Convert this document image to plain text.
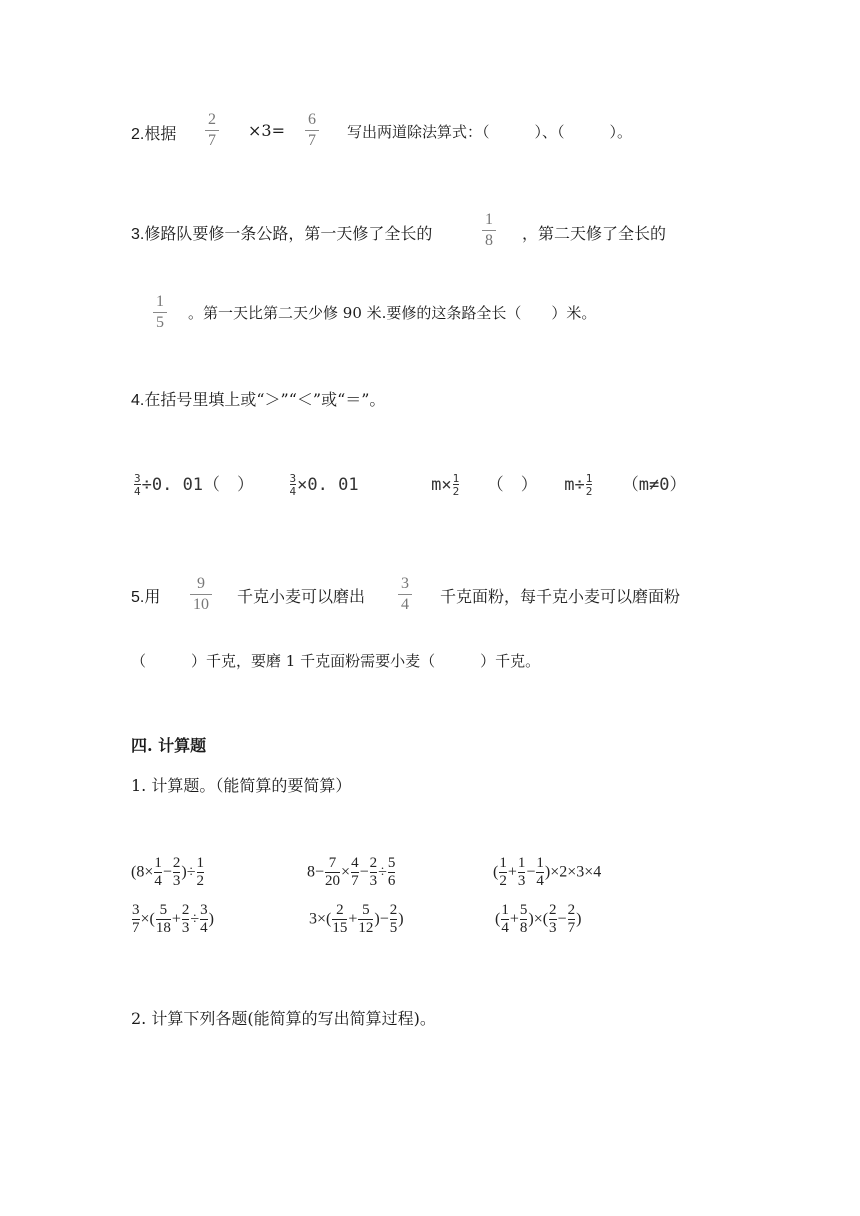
2.根据 $\frac{2}{7} \times 3= \frac{6}{7}$ 写出两道除法算式：（　　　）、（　　　）。
3.修路队要修一条公路，第一天修了全长的	$\frac{1}{8}$ ，第二天修了全长的
$\frac{1}{5}$ 。第一天比第二天少修 90 米.要修的这条路全长（　　）米。
4.在括号里填上或“＞”“＜”或“＝”。
$\frac{3}{4} \div 0$. 01（　）	$\frac{3}{4} \times 0$. 01	$m\times \frac{1}{2}$ （　） $m\div \frac{1}{2} (m\ne 0)$
5.用 $\frac{9}{10}$ 千克小麦可以磨出 $\frac{3}{4}$ 千克面粉，每千克小麦可以磨面粉
（　　　）千克，要磨 1 千克面粉需要小麦（　　　）千克。
四. 计算题
1. 计算题。（能简算的要简算）
($8\times \frac{1}{4} - \frac{2}{3}$ )÷ $\frac{1}{2}$	$8- \frac{7}{20} \times \frac{4}{7} - \frac{2}{3} \div \frac{5}{6}$	( $\frac{1}{2} + \frac{1}{3} - \frac{1}{4} )\times 2\times 3\times 4$
$\frac{3}{7}$ ×( $\frac{5}{18} + \frac{2}{3} \div \frac{3}{4}$ )	$3\times( \frac{2}{15} + \frac{5}{12}$ )− $\frac{2}{5}$ )	( $\frac{1}{4} + \frac{5}{8}$ )×( $\frac{2}{3} - \frac{2}{7}$ )
2. 计算下列各题(能简算的写出简算过程)。
